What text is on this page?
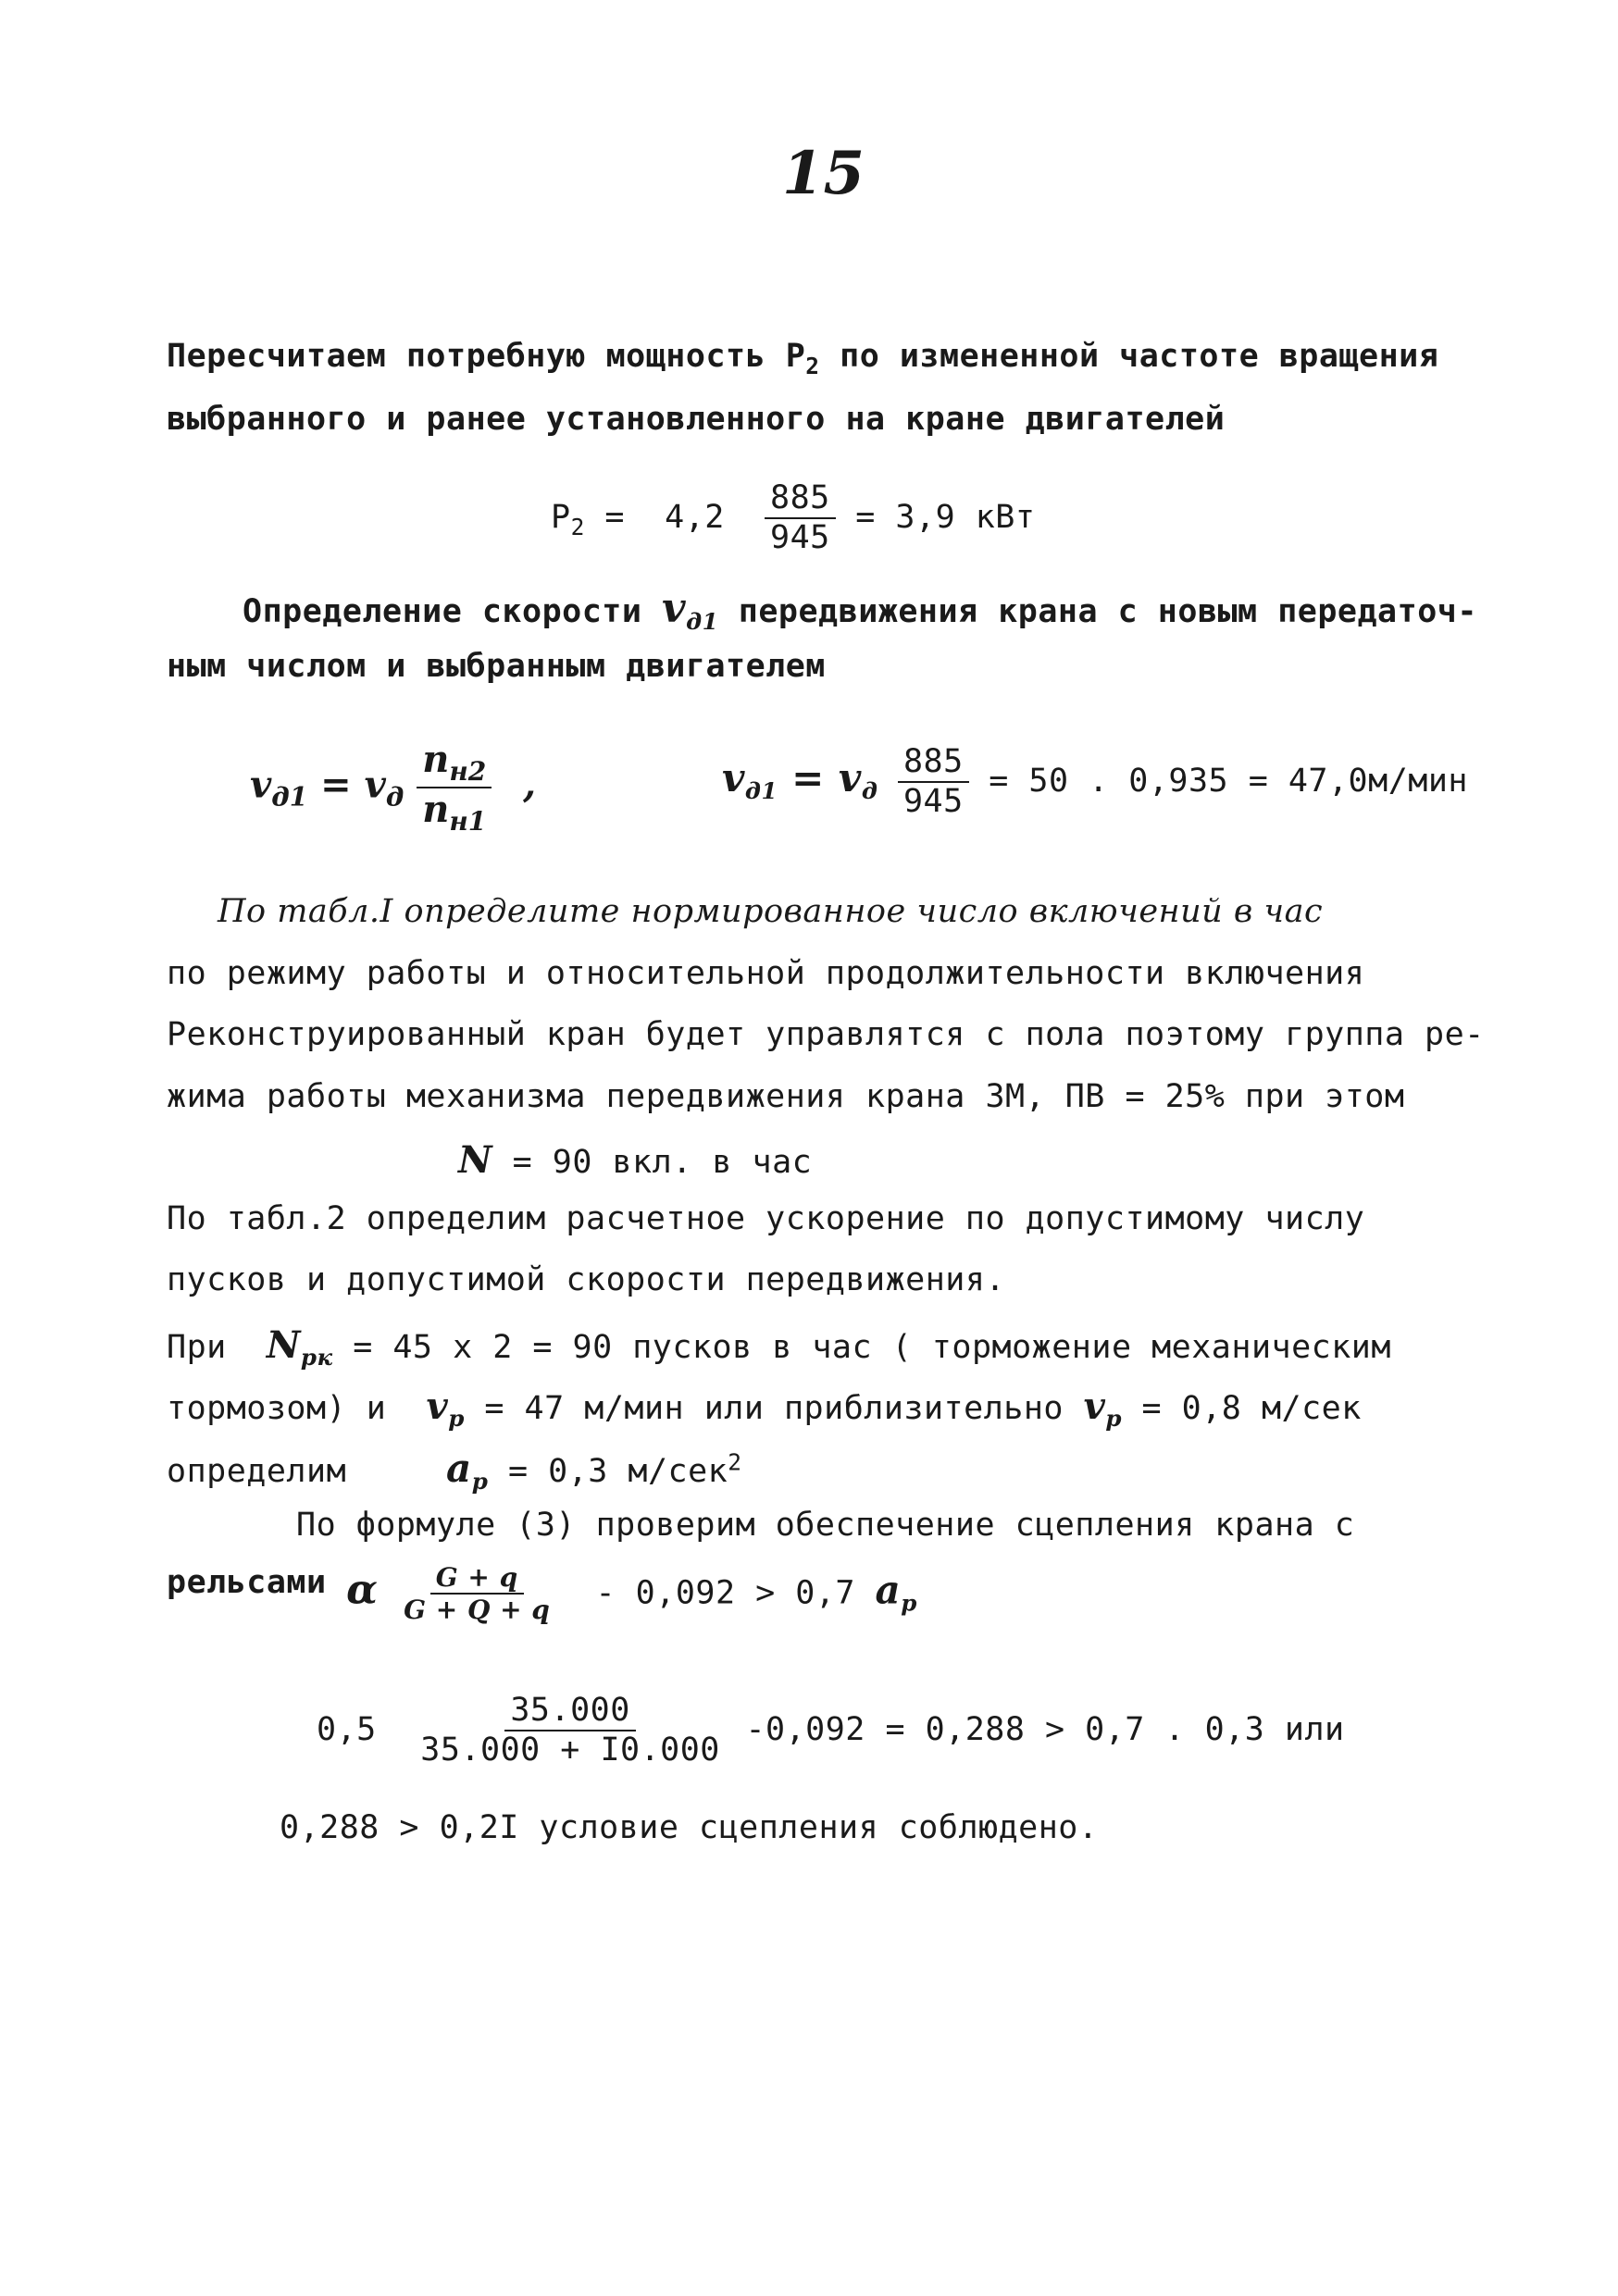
15
Пересчитаем потребную мощность $Р_2$ по измененной частоте вращения
выбранного и ранее установленного на кране двигателей
$Р_2 = 4,2 \frac{885}{945} = 3,9$ кВт
Определение скорости $v_{д1}$ передвижения крана с новым передаточ-
ным числом и выбранным двигателем
$v_{д1} = v_д \frac{n_{н2}}{n_{н1}}$ ,	$v_{д1} = v_д \frac{885}{945} = 50$ . 0,935 = 47,0м/мин
По табл.I определите нормированное число включений в час
по режиму работы и относительной продолжительности включения
Реконструированный кран будет управлятся с пола поэтому группа ре-
жима работы механизма передвижения крана 3М, ПВ = 25% при этом
N = 90 вкл. в час
По табл.2 определим расчетное ускорение по допустимому числу
пусков и допустимой скорости передвижения.
При  $N_{рк} = 45$ x 2 = 90 пусков в час ( торможение механическим
тормозом) и  $v_р = 47$ м/мин или приблизительно $v_р = 0,8$ м/сек
определим     $a_р = 0,3$ м/сек$^2$
По формуле (3) проверим обеспечение сцепления крана с
рельсами α $\frac{G + q}{G + Q + q} - 0,092 > 0,7$ $a_р$
$0,5 \frac{35.000}{35.000 + I0.000} -0,092 = 0,288 > 0,7$ . 0,3 или
0,288 > 0,2I условие сцепления соблюдено.
